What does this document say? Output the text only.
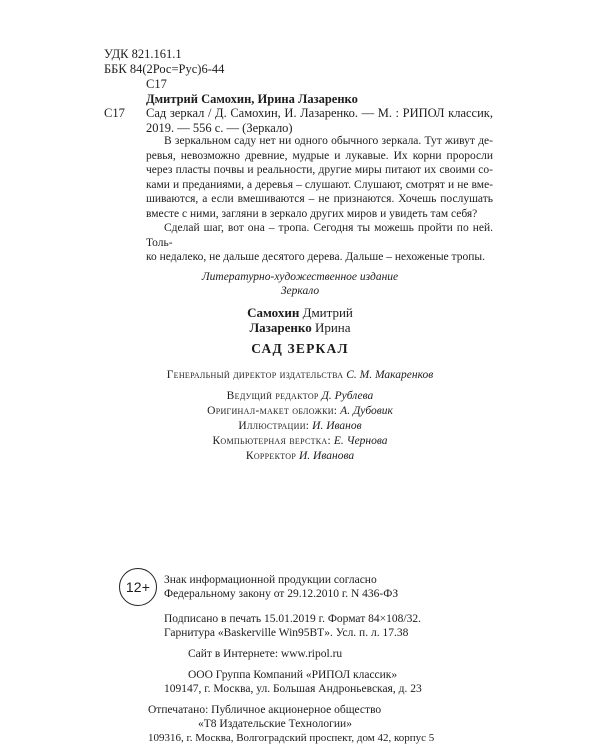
УДК 821.161.1
ББК 84(2Рос=Рус)6-44
С17
Дмитрий Самохин, Ирина Лазаренко
С17 Сад зеркал / Д. Самохин, И. Лазаренко. — М. : РИПОЛ классик,
2019. — 556 с. — (Зеркало)
В зеркальном саду нет ни одного обычного зеркала. Тут живут де-
ревья, невозможно древние, мудрые и лукавые. Их корни проросли
через пласты почвы и реальности, другие миры питают их своими со-
ками и преданиями, а деревья – слушают. Слушают, смотрят и не вме-
шиваются, а если вмешиваются – не признаются. Хочешь послушать
вместе с ними, загляни в зеркало других миров и увидеть там себя?
Сделай шаг, вот она – тропа. Сегодня ты можешь пройти по ней. Толь-
ко недалеко, не дальше десятого дерева. Дальше – нехоженые тропы.
Литературно-художественное издание
Зеркало
Самохин Дмитрий
Лазаренко Ирина
САД ЗЕРКАЛ
Генеральный директор издательства С. М. Макаренков
Ведущий редактор Д. Рублева
Оригинал-макет обложки: А. Дубовик
Иллюстрации: И. Иванов
Компьютерная верстка: Е. Чернова
Корректор И. Иванова
12+	Знак информационной продукции согласно
Федеральному закону от 29.12.2010 г. N 436-ФЗ
Подписано в печать 15.01.2019 г. Формат 84×108/32.
Гарнитура «Baskerville Win95BT». Усл. п. л. 17.38
Сайт в Интернете: www.ripol.ru
ООО Группа Компаний «РИПОЛ классик»
109147, г. Москва, ул. Большая Андроньевская, д. 23
Отпечатано: Публичное акционерное общество
«Т8 Издательские Технологии»
109316, г. Москва, Волгоградский проспект, дом 42, корпус 5
